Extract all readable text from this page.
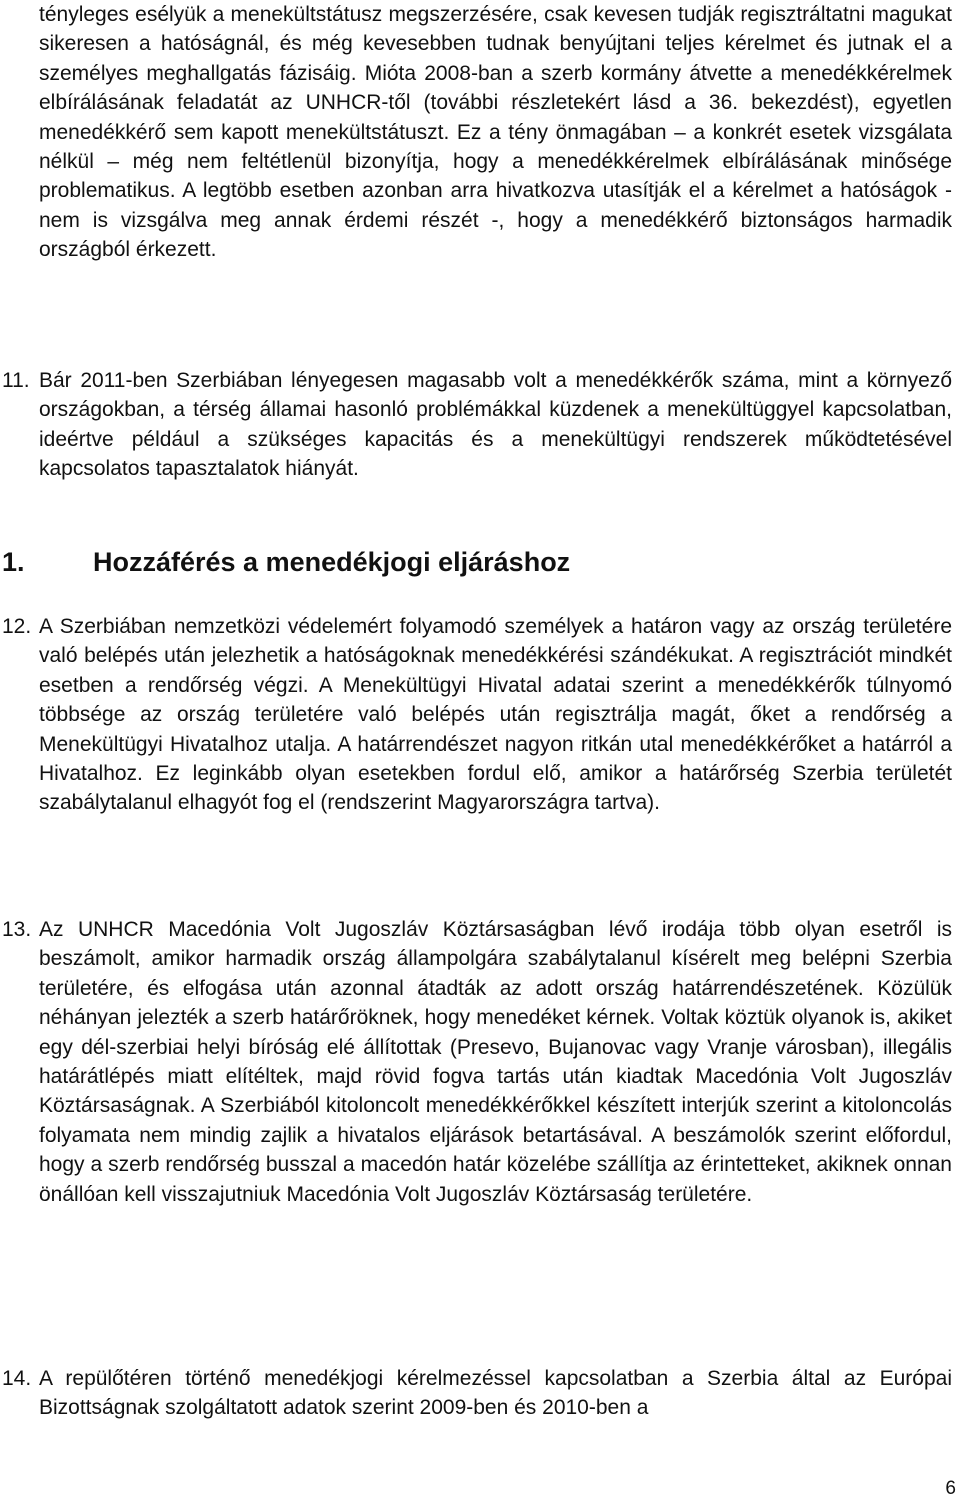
tényleges esélyük a menekültstátusz megszerzésére, csak kevesen tudják regisztráltatni magukat sikeresen a hatóságnál, és még kevesebben tudnak benyújtani teljes kérelmet és jutnak el a személyes meghallgatás fázisáig. Mióta 2008-ban a szerb kormány átvette a menedékkérelmek elbírálásának feladatát az UNHCR-től (további részletekért lásd a 36. bekezdést), egyetlen menedékkérő sem kapott menekültstátuszt. Ez a tény önmagában – a konkrét esetek vizsgálata nélkül – még nem feltétlenül bizonyítja, hogy a menedékkérelmek elbírálásának minősége problematikus. A legtöbb esetben azonban arra hivatkozva utasítják el a kérelmet a hatóságok - nem is vizsgálva meg annak érdemi részét -, hogy a menedékkérő biztonságos harmadik országból érkezett.

11. Bár 2011-ben Szerbiában lényegesen magasabb volt a menedékkérők száma, mint a környező országokban, a térség államai hasonló problémákkal küzdenek a menekültüggyel kapcsolatban, ideértve például a szükséges kapacitás és a menekültügyi rendszerek működtetésével kapcsolatos tapasztalatok hiányát.

1.	Hozzáférés a menedékjogi eljáráshoz
12. A Szerbiában nemzetközi védelemért folyamodó személyek a határon vagy az ország területére való belépés után jelezhetik a hatóságoknak menedékkérési szándékukat. A regisztrációt mindkét esetben a rendőrség végzi. A Menekültügyi Hivatal adatai szerint a menedékkérők túlnyomó többsége az ország területére való belépés után regisztrálja magát, őket a rendőrség a Menekültügyi Hivatalhoz utalja. A határrendészet nagyon ritkán utal menedékkérőket a határról a Hivatalhoz. Ez leginkább olyan esetekben fordul elő, amikor a határőrség Szerbia területét szabálytalanul elhagyót fog el (rendszerint Magyarországra tartva).

13. Az UNHCR Macedónia Volt Jugoszláv Köztársaságban lévő irodája több olyan esetről is beszámolt, amikor harmadik ország állampolgára szabálytalanul kísérelt meg belépni Szerbia területére, és elfogása után azonnal átadták az adott ország határrendészetének. Közülük néhányan jelezték a szerb határőröknek, hogy menedéket kérnek. Voltak köztük olyanok is, akiket egy dél-szerbiai helyi bíróság elé állítottak (Presevo, Bujanovac vagy Vranje városban), illegális határátlépés miatt elítéltek, majd rövid fogva tartás után kiadtak Macedónia Volt Jugoszláv Köztársaságnak. A Szerbiából kitoloncolt menedékkérőkkel készített interjúk szerint a kitoloncolás folyamata nem mindig zajlik a hivatalos eljárások betartásával. A beszámolók szerint előfordul, hogy a szerb rendőrség busszal a macedón határ közelébe szállítja az érintetteket, akiknek onnan önállóan kell visszajutniuk Macedónia Volt Jugoszláv Köztársaság területére.

14. A repülőtéren történő menedékjogi kérelmezéssel kapcsolatban a Szerbia által az Európai Bizottságnak szolgáltatott adatok szerint 2009-ben és 2010-ben a

6
